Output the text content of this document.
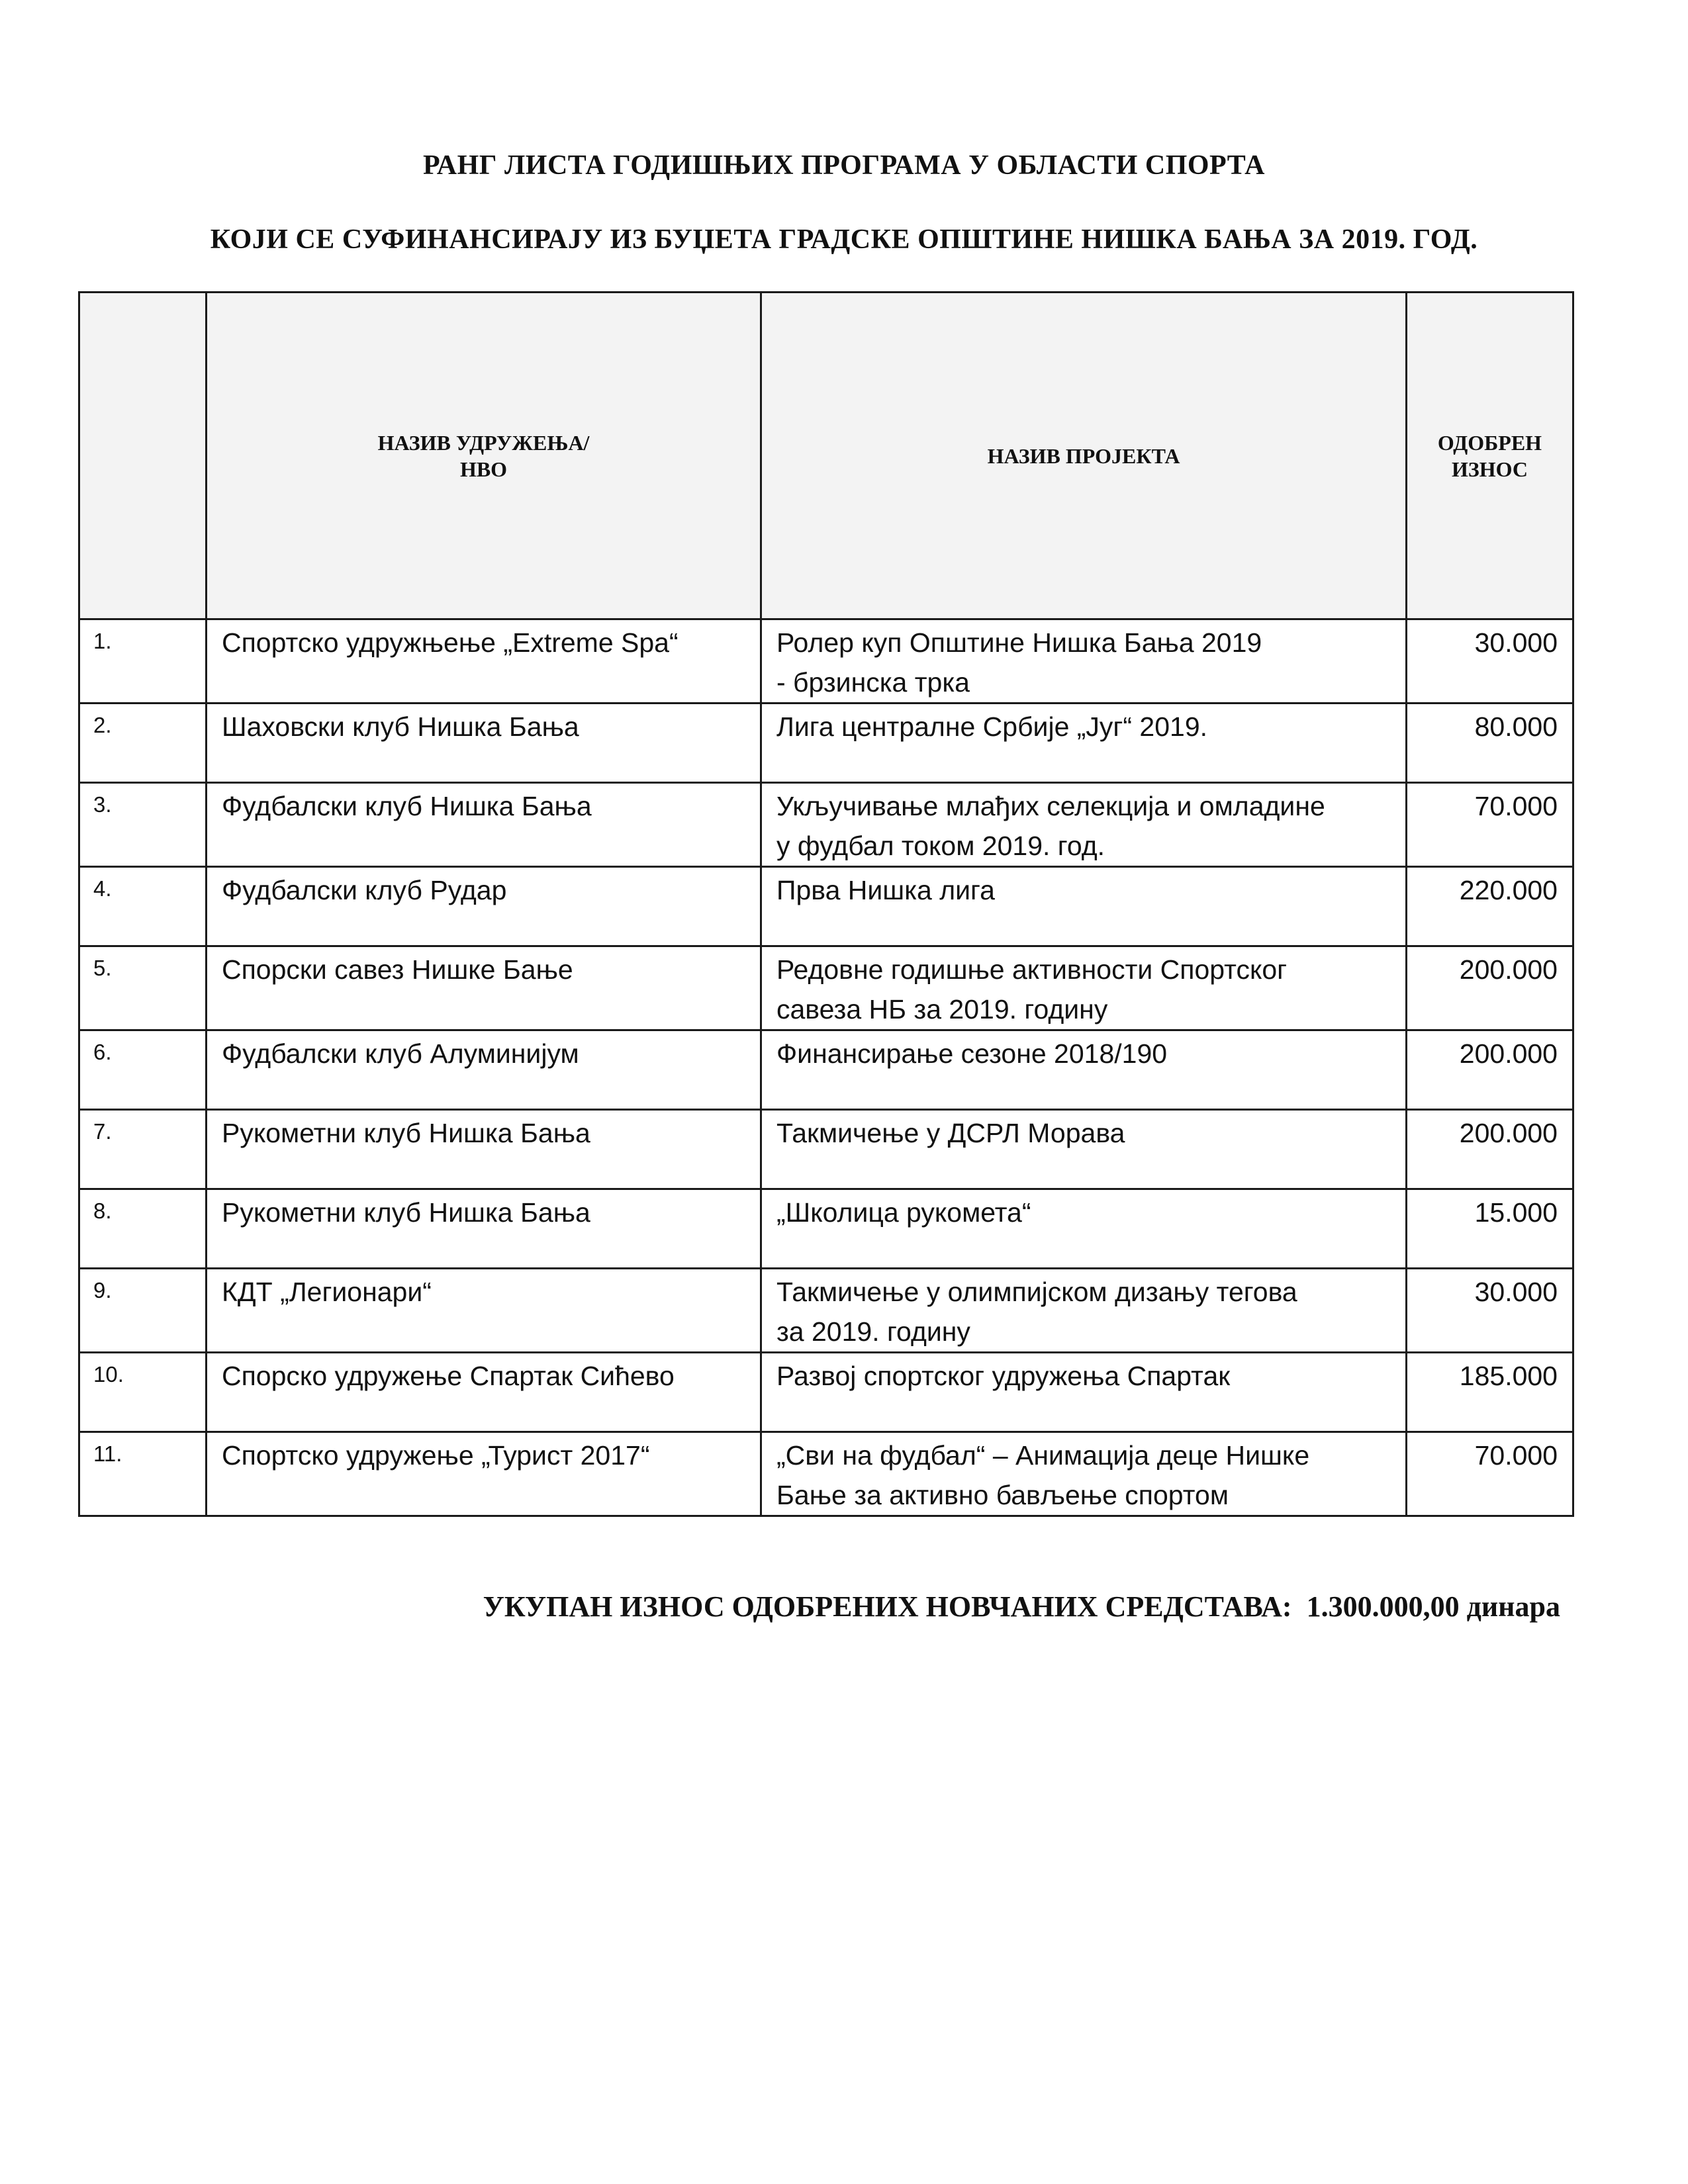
РАНГ ЛИСТА ГОДИШЊИХ ПРОГРАМА У ОБЛАСТИ СПОРТА
КОЈИ СЕ СУФИНАНСИРАЈУ ИЗ БУЏЕТА ГРАДСКЕ ОПШТИНЕ НИШКА БАЊА ЗА 2019. ГОД.

	НАЗИВ УДРУЖЕЊА/
НВО	НАЗИВ ПРОЈЕКТА	ОДОБРЕН
ИЗНОС

1.	Спортско удружњење „Extreme Spa“	Ролер куп Општине Нишка Бања 2019
- брзинска трка	30.000
2.	Шаховски клуб Нишка Бања	Лига централне Србије „Југ“ 2019.	80.000
3.	Фудбалски клуб Нишка Бања	Укључивање млађих селекција и омладине
у фудбал током 2019. год.	70.000
4.	Фудбалски клуб Рудар	Прва Нишка лига	220.000
5.	Спорски савез Нишке Бање	Редовне годишње активности Спортског
савеза НБ за 2019. годину	200.000
6.	Фудбалски клуб Алуминијум	Финансирање сезоне 2018/190	200.000
7.	Рукометни клуб Нишка Бања	Такмичење у ДСРЛ Морава	200.000
8.	Рукометни клуб Нишка Бања	„Школица рукомета“	15.000
9.	КДТ „Легионари“	Такмичење у олимпијском дизању тегова
за 2019. годину	30.000
10.	Спорско удружење Спартак Сићево	Развој спортског удружења Спартак	185.000
11.	Спортско удружење „Турист 2017“	„Сви на фудбал“ – Анимација деце Нишке
Бање за активно бављење спортом	70.000
УКУПАН ИЗНОС ОДОБРЕНИХ НОВЧАНИХ СРЕДСТАВА: 1.300.000,00 динара
